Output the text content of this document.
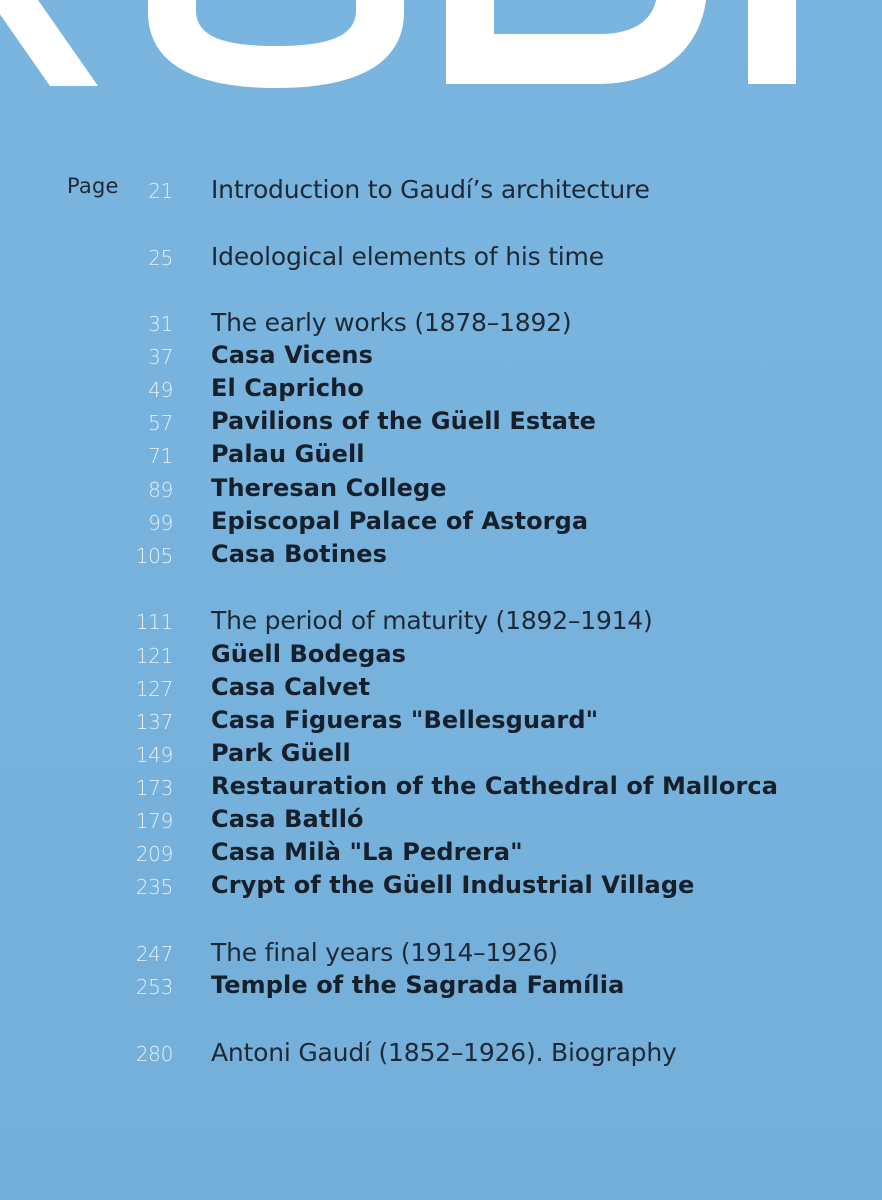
Page	21 Introduction to Gaudí’s architecture
25 Ideological elements of his time
31 The early works (1878–1892)
37 Casa Vicens
49 El Capricho
57 Pavilions of the Güell Estate
71 Palau Güell
89 Theresan College
99 Episcopal Palace of Astorga
105 Casa Botines
111 The period of maturity (1892–1914)
121 Güell Bodegas
127 Casa Calvet
137 Casa Figueras "Bellesguard"
149 Park Güell
173 Restauration of the Cathedral of Mallorca
179 Casa Batlló
209 Casa Milà "La Pedrera"
235 Crypt of the Güell Industrial Village
247 The final years (1914–1926)
253 Temple of the Sagrada Família
280 Antoni Gaudí (1852–1926). Biography
